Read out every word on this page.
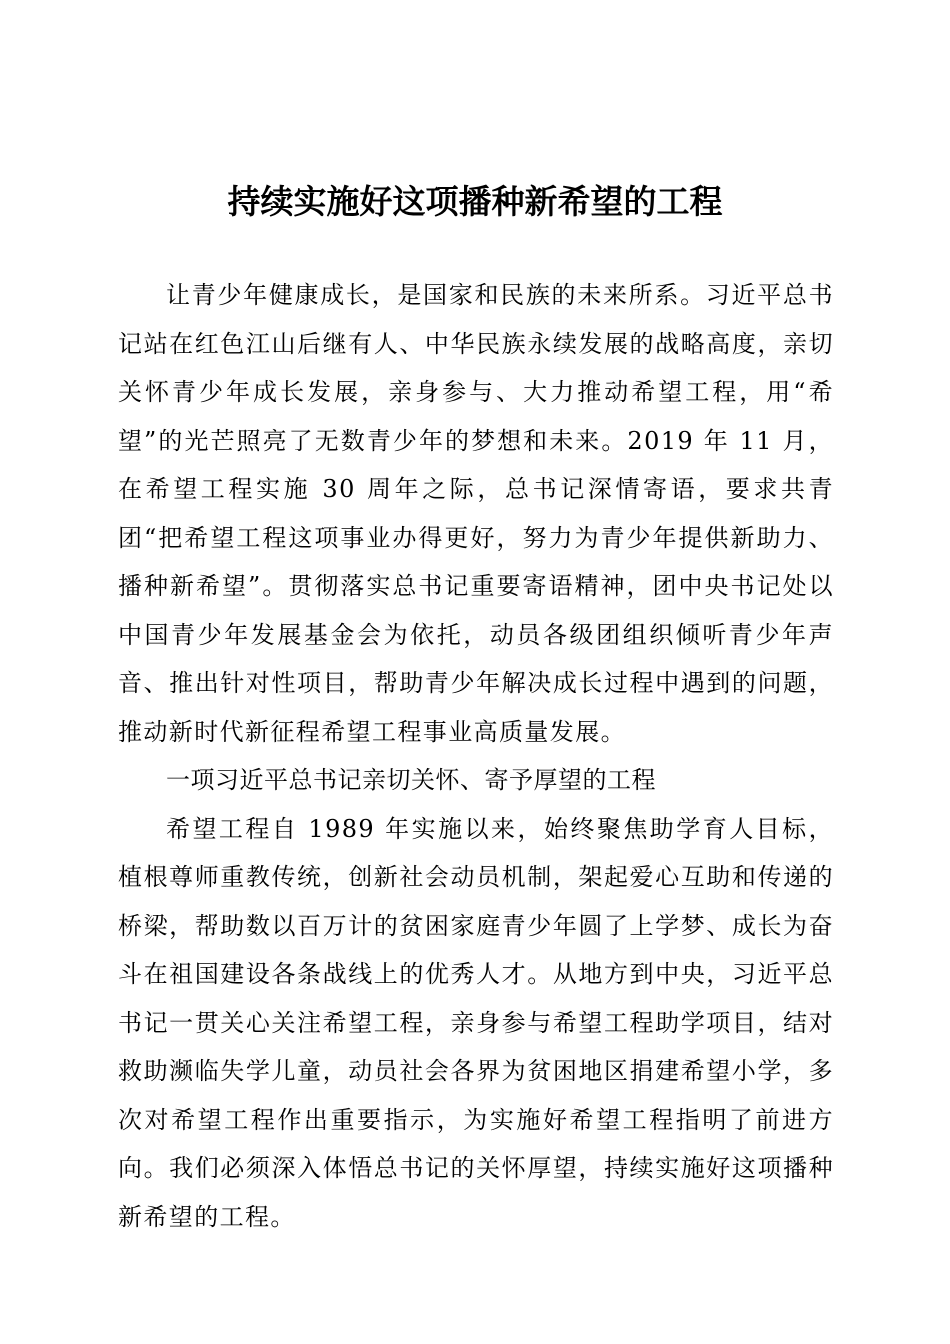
持续实施好这项播种新希望的工程

让青少年健康成长，是国家和民族的未来所系。习近平总书记站在红色江山后继有人、中华民族永续发展的战略高度，亲切关怀青少年成长发展，亲身参与、大力推动希望工程，用“希望”的光芒照亮了无数青少年的梦想和未来。2019 年 11 月，在希望工程实施 30 周年之际，总书记深情寄语，要求共青团“把希望工程这项事业办得更好，努力为青少年提供新助力、播种新希望”。贯彻落实总书记重要寄语精神，团中央书记处以中国青少年发展基金会为依托，动员各级团组织倾听青少年声音、推出针对性项目，帮助青少年解决成长过程中遇到的问题，推动新时代新征程希望工程事业高质量发展。

一项习近平总书记亲切关怀、寄予厚望的工程

希望工程自 1989 年实施以来，始终聚焦助学育人目标，植根尊师重教传统，创新社会动员机制，架起爱心互助和传递的桥梁，帮助数以百万计的贫困家庭青少年圆了上学梦、成长为奋斗在祖国建设各条战线上的优秀人才。从地方到中央，习近平总书记一贯关心关注希望工程，亲身参与希望工程助学项目，结对救助濒临失学儿童，动员社会各界为贫困地区捐建希望小学，多次对希望工程作出重要指示，为实施好希望工程指明了前进方向。我们必须深入体悟总书记的关怀厚望，持续实施好这项播种新希望的工程。
